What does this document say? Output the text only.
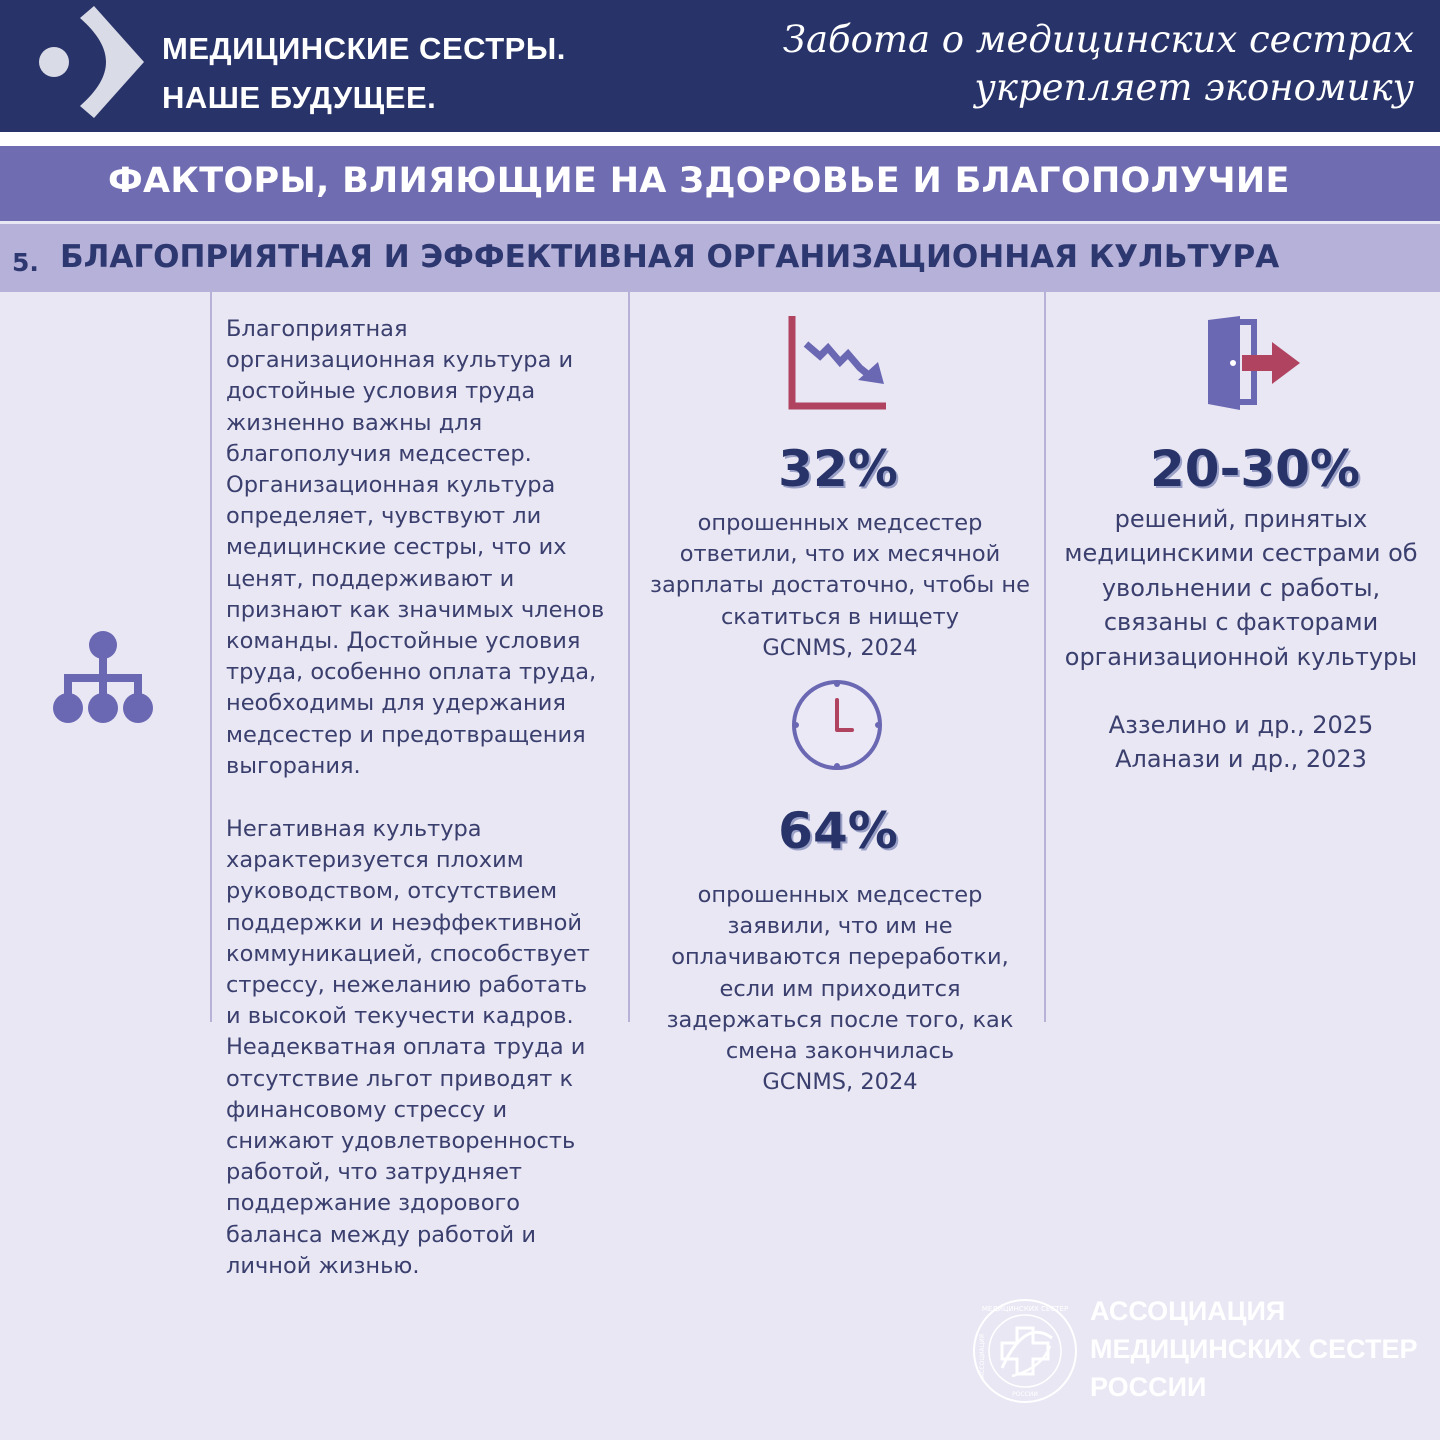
МЕДИЦИНСКИЕ СЕСТРЫ.
НАШЕ БУДУЩЕЕ.
Забота о медицинских сестрах
укрепляет экономику
ФАКТОРЫ, ВЛИЯЮЩИЕ НА ЗДОРОВЬЕ И БЛАГОПОЛУЧИЕ
5. БЛАГОПРИЯТНАЯ И ЭФФЕКТИВНАЯ ОРГАНИЗАЦИОННАЯ КУЛЬТУРА
Благоприятная организационная культура и достойные условия труда жизненно важны для благополучия медсестер. Организационная культура определяет, чувствуют ли медицинские сестры, что их ценят, поддерживают и признают как значимых членов команды. Достойные условия труда, особенно оплата труда, необходимы для удержания медсестер и предотвращения выгорания.
Негативная культура характеризуется плохим руководством, отсутствием поддержки и неэффективной коммуникацией, способствует стрессу, нежеланию работать и высокой текучести кадров. Неадекватная оплата труда и отсутствие льгот приводят к финансовому стрессу и снижают удовлетворенность работой, что затрудняет поддержание здорового баланса между работой и личной жизнью.
32%
опрошенных медсестер ответили, что их месячной зарплаты достаточно, чтобы не скатиться в нищету
GCNMS, 2024
64%
опрошенных медсестер заявили, что им не оплачиваются переработки, если им приходится задержаться после того, как смена закончилась
GCNMS, 2024
20-30%
решений, принятых медицинскими сестрами об увольнении с работы, связаны с факторами организационной культуры
Аззелино и др., 2025
Аланази и др., 2023
МЕДИЦИНСКИХ СЕСТЕР
АССОЦИАЦИЯ
РОССИИ
АССОЦИАЦИЯ
МЕДИЦИНСКИХ СЕСТЕР
РОССИИ
